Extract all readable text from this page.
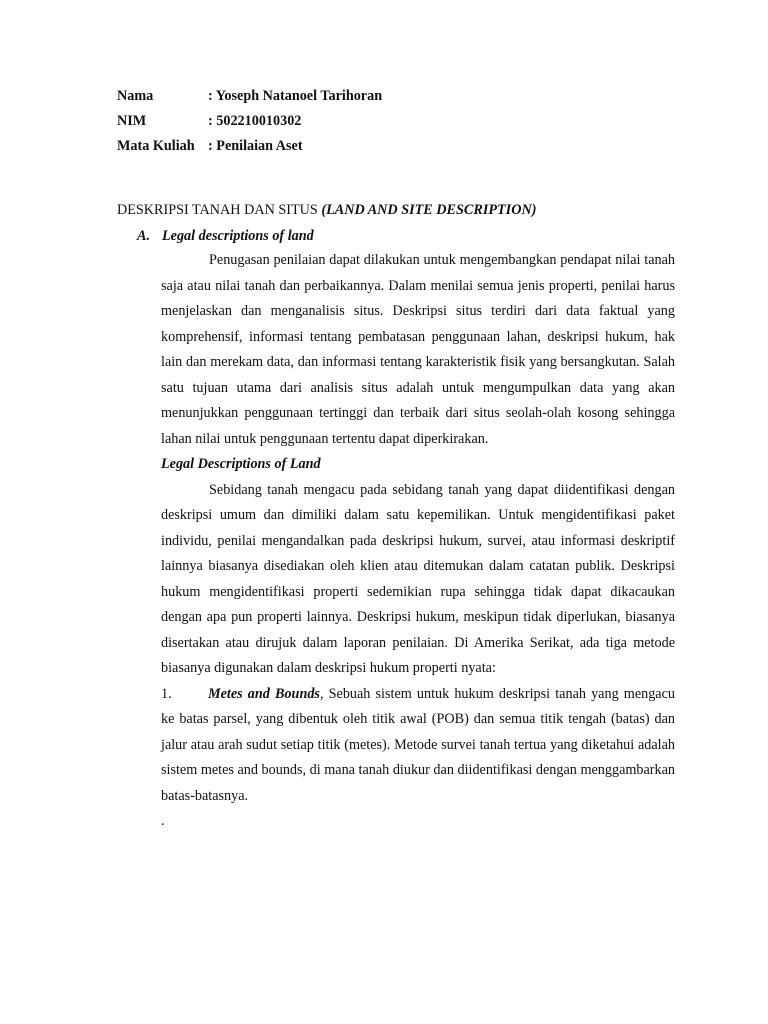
Nama	: Yoseph Natanoel Tarihoran
NIM	: 502210010302
Mata Kuliah : Penilaian Aset
DESKRIPSI TANAH DAN SITUS (LAND AND SITE DESCRIPTION)
A. Legal descriptions of land

Penugasan penilaian dapat dilakukan untuk mengembangkan pendapat nilai tanah saja atau nilai tanah dan perbaikannya. Dalam menilai semua jenis properti, penilai harus menjelaskan dan menganalisis situs. Deskripsi situs terdiri dari data faktual yang komprehensif, informasi tentang pembatasan penggunaan lahan, deskripsi hukum, hak lain dan merekam data, dan informasi tentang karakteristik fisik yang bersangkutan. Salah satu tujuan utama dari analisis situs adalah untuk mengumpulkan data yang akan menunjukkan penggunaan tertinggi dan terbaik dari situs seolah-olah kosong sehingga lahan nilai untuk penggunaan tertentu dapat diperkirakan.

Legal Descriptions of Land

Sebidang tanah mengacu pada sebidang tanah yang dapat diidentifikasi dengan deskripsi umum dan dimiliki dalam satu kepemilikan. Untuk mengidentifikasi paket individu, penilai mengandalkan pada deskripsi hukum, survei, atau informasi deskriptif lainnya biasanya disediakan oleh klien atau ditemukan dalam catatan publik. Deskripsi hukum mengidentifikasi properti sedemikian rupa sehingga tidak dapat dikacaukan dengan apa pun properti lainnya. Deskripsi hukum, meskipun tidak diperlukan, biasanya disertakan atau dirujuk dalam laporan penilaian. Di Amerika Serikat, ada tiga metode biasanya digunakan dalam deskripsi hukum properti nyata:

1.	Metes and Bounds, Sebuah sistem untuk hukum deskripsi tanah yang mengacu ke batas parsel, yang dibentuk oleh titik awal (POB) dan semua titik tengah (batas) dan jalur atau arah sudut setiap titik (metes). Metode survei tanah tertua yang diketahui adalah sistem metes and bounds, di mana tanah diukur dan diidentifikasi dengan menggambarkan batas-batasnya.

.
